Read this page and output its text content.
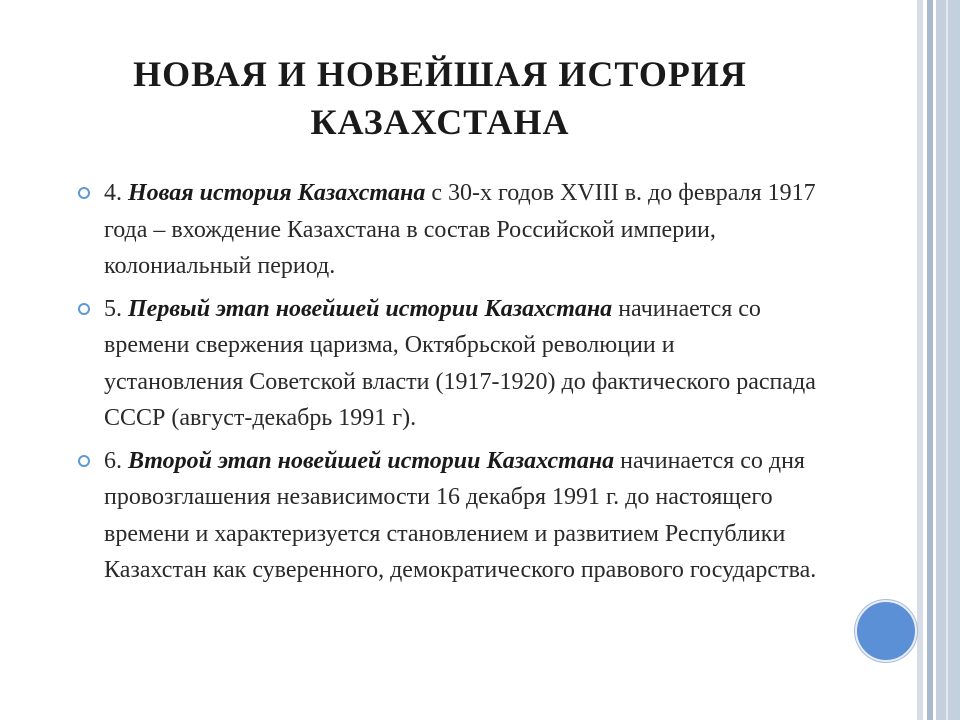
НОВАЯ И НОВЕЙШАЯ ИСТОРИЯ
КАЗАХСТАНА
4. Новая история Казахстана с 30-х годов XVIII в. до февраля 1917 года – вхождение Казахстана в состав Российской империи, колониальный период.
5. Первый этап новейшей истории Казахстана начинается со времени свержения царизма, Октябрьской революции и установления Советской власти (1917-1920) до фактического распада СССР (август-декабрь 1991 г).
6. Второй этап новейшей истории Казахстана начинается со дня провозглашения независимости 16 декабря 1991 г. до настоящего времени и характеризуется становлением и развитием Республики Казахстан как суверенного, демократического правового государства.
